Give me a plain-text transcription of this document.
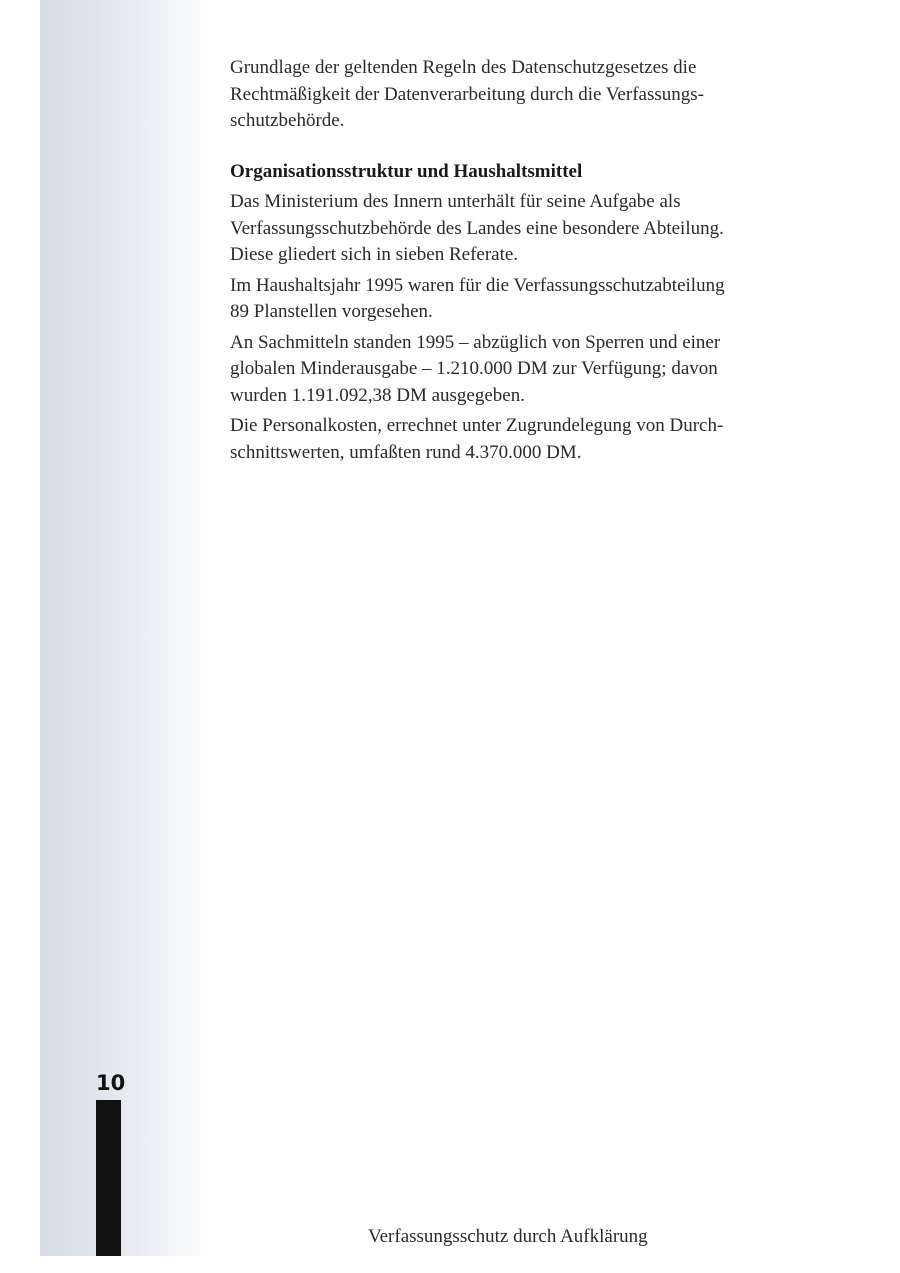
Grundlage der geltenden Regeln des Datenschutzgesetzes die
Rechtmäßigkeit der Datenverarbeitung durch die Verfassungs-
schutzbehörde.

Organisationsstruktur und Haushaltsmittel

Das Ministerium des Innern unterhält für seine Aufgabe als
Verfassungsschutzbehörde des Landes eine besondere Abteilung.
Diese gliedert sich in sieben Referate.

Im Haushaltsjahr 1995 waren für die Verfassungsschutzabteilung
89 Planstellen vorgesehen.

An Sachmitteln standen 1995 – abzüglich von Sperren und einer
globalen Minderausgabe – 1.210.000 DM zur Verfügung; davon
wurden 1.191.092,38 DM ausgegeben.

Die Personalkosten, errechnet unter Zugrundelegung von Durch-
schnittswerten, umfaßten rund 4.370.000 DM.

10
Verfassungsschutz durch Aufklärung
